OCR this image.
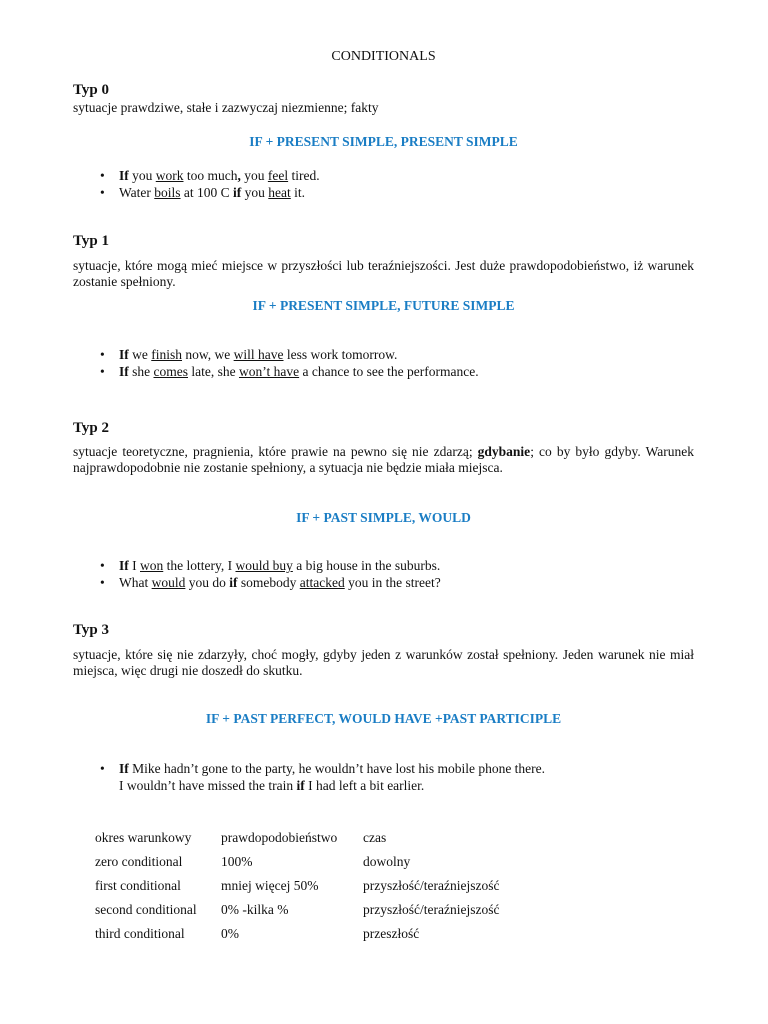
CONDITIONALS
Typ 0
sytuacje prawdziwe, stałe i zazwyczaj niezmienne; fakty
IF + PRESENT SIMPLE, PRESENT SIMPLE
• If you work too much, you feel tired.
• Water boils at 100 C if you heat it.
Typ 1
sytuacje, które mogą mieć miejsce w przyszłości lub teraźniejszości. Jest duże prawdopodobieństwo, iż warunek zostanie spełniony.
IF + PRESENT SIMPLE, FUTURE SIMPLE
• If we finish now, we will have less work tomorrow.
• If she comes late, she won’t have a chance to see the performance.
Typ 2
sytuacje teoretyczne, pragnienia, które prawie na pewno się nie zdarzą; gdybanie; co by było gdyby. Warunek najprawdopodobnie nie zostanie spełniony, a sytuacja nie będzie miała miejsca.
IF + PAST SIMPLE, WOULD
• If I won the lottery, I would buy a big house in the suburbs.
• What would you do if somebody attacked you in the street?
Typ 3
sytuacje, które się nie zdarzyły, choć mogły, gdyby jeden z warunków został spełniony. Jeden warunek nie miał miejsca, więc drugi nie doszedł do skutku.
IF + PAST PERFECT, WOULD HAVE +PAST PARTICIPLE
• If Mike hadn’t gone to the party, he wouldn’t have lost his mobile phone there.
I wouldn’t have missed the train if I had left a bit earlier.
okres warunkowy	prawdopodobieństwo	czas
zero conditional	100%	dowolny
first conditional	mniej więcej 50%	przyszłość/teraźniejszość
second conditional	0% -kilka %	przyszłość/teraźniejszość
third conditional	0%	przeszłość
